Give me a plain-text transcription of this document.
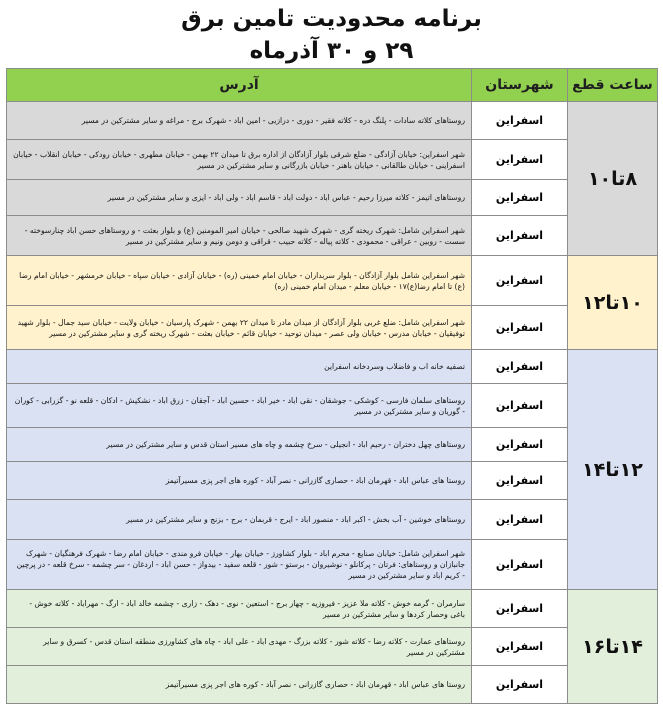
برنامه محدودیت تامین برق
۲۹ و ۳۰ آذرماه
ساعت قطع	شهرستان	آدرس
۸تا۱۰	اسفراین	روستاهای کلاته سادات - پلنگ دره - کلاته فقیر - دوری - درازیی - امین اباد - شهرک برج - مراغه و سایر مشترکین در مسیر
	اسفراین	شهر اسفراین: خیابان آزادگی - ضلع شرقی بلوار آزادگان از اداره برق تا میدان ۲۲ بهمن - خیابان مطهری - خیابان رودکی - خیابان انقلاب - خیابان اسفراینی - خیابان طالقانی - خیابان باهنر - خیابان بازرگانی و سایر مشترکین در مسیر
	اسفراین	روستاهای اتیمز - کلاته میرزا رحیم - عباس اباد - دولت اباد - قاسم اباد - ولی اباد - ایزی و سایر مشترکین در مسیر
	اسفراین	شهر اسفراین شامل: شهرک ریخته گری - شهرک شهید صالحی - خیابان امیر المومنین (ع) و بلوار بعثت - و روستاهای حسن اباد چنارسوخته - سست - روبین - عراقی - محمودی - کلاته پیاله - کلاته حبیب - قراقی و دومن ونیم و سایر مشترکین در مسیر
۱۰تا۱۲	اسفراین	شهر اسفراین شامل بلوار آزادگان - بلوار سربداران - خیابان امام خمینی (ره) - خیابان آزادی - خیابان سپاه - خیابان خرمشهر - خیابان امام رضا (ع) تا امام رضا(ع)۱۷ - خیابان معلم - میدان امام خمینی (ره)
	اسفراین	شهر اسفراین شامل: ضلع غربی بلوار آزادگان از میدان مادر تا میدان ۲۲ بهمن - شهرک پارسیان - خیابان ولایت - خیابان سید جمال - بلوار شهید توفیقیان - خیابان مدرس - خیابان ولی عصر - میدان توحید - خیابان قائم - خیابان بعثت - شهرک ریخته گری و سایر مشترکین در مسیر
۱۲تا۱۴	اسفراین	تصفیه خانه اب و فاضلاب وسردخانه اسفراین
	اسفراین	روستاهای سلمان فارسی - کوشکی - جوشقان - نقی اباد - خیر اباد - حسین اباد - آجقان - زرق اباد - نشکیش - ادکان - قلعه نو - گزرابی - کوران - گوریان و سایر مشترکین در مسیر
	اسفراین	روستاهای چهل دختران - رحیم اباد - انجیلی - سرخ چشمه و چاه های مسیر استان قدس و سایر مشترکین در مسیر
	اسفراین	روستا های عباس اباد - قهرمان اباد - حصاری گازرانی - نصر آباد - کوره های اجر پزی مسیرآتیمز
	اسفراین	روستاهای خوشین - آب بخش - اکبر اباد - منصور اباد - ایرج - قربمان - برج - بزنج و سایر مشترکین در مسیر
	اسفراین	شهر اسفراین شامل: خیابان صنایع - محرم اباد - بلوار کشاورز - خیابان بهار - خیابان فرو مندی - خیابان امام رضا - شهرک فرهنگیان - شهرک جانبازان و روستاهای: فرتان - پرکانلو - نوشیروان - برستو - شور - قلعه سفید - بیدواز - حسن اباد - اردغان - سر چشمه - سرخ قلعه - در پرچین - کریم اباد و سایر مشترکین در مسیر
۱۴تا۱۶	اسفراین	سارمران - گرمه خوش - کلاته ملا عزیز - فیروزیه - چهار برج - استعین - نوی - دهک - زاری - چشمه خالد اباد - ارگ - مهراباد - کلاته خوش - باغی وحصار کردها و سایر مشترکین در مسیر
	اسفراین	روستاهای عمارت - کلاته رضا - کلاته شور - کلاته بزرگ - مهدی اباد - علی اباد - چاه های کشاورزی منطقه استان قدس - کسرق و سایر مشترکین در مسیر
	اسفراین	روستا های عباس اباد - قهرمان اباد - حصاری گازرانی - نصر آباد - کوره های اجر پزی مسیرآتیمز
